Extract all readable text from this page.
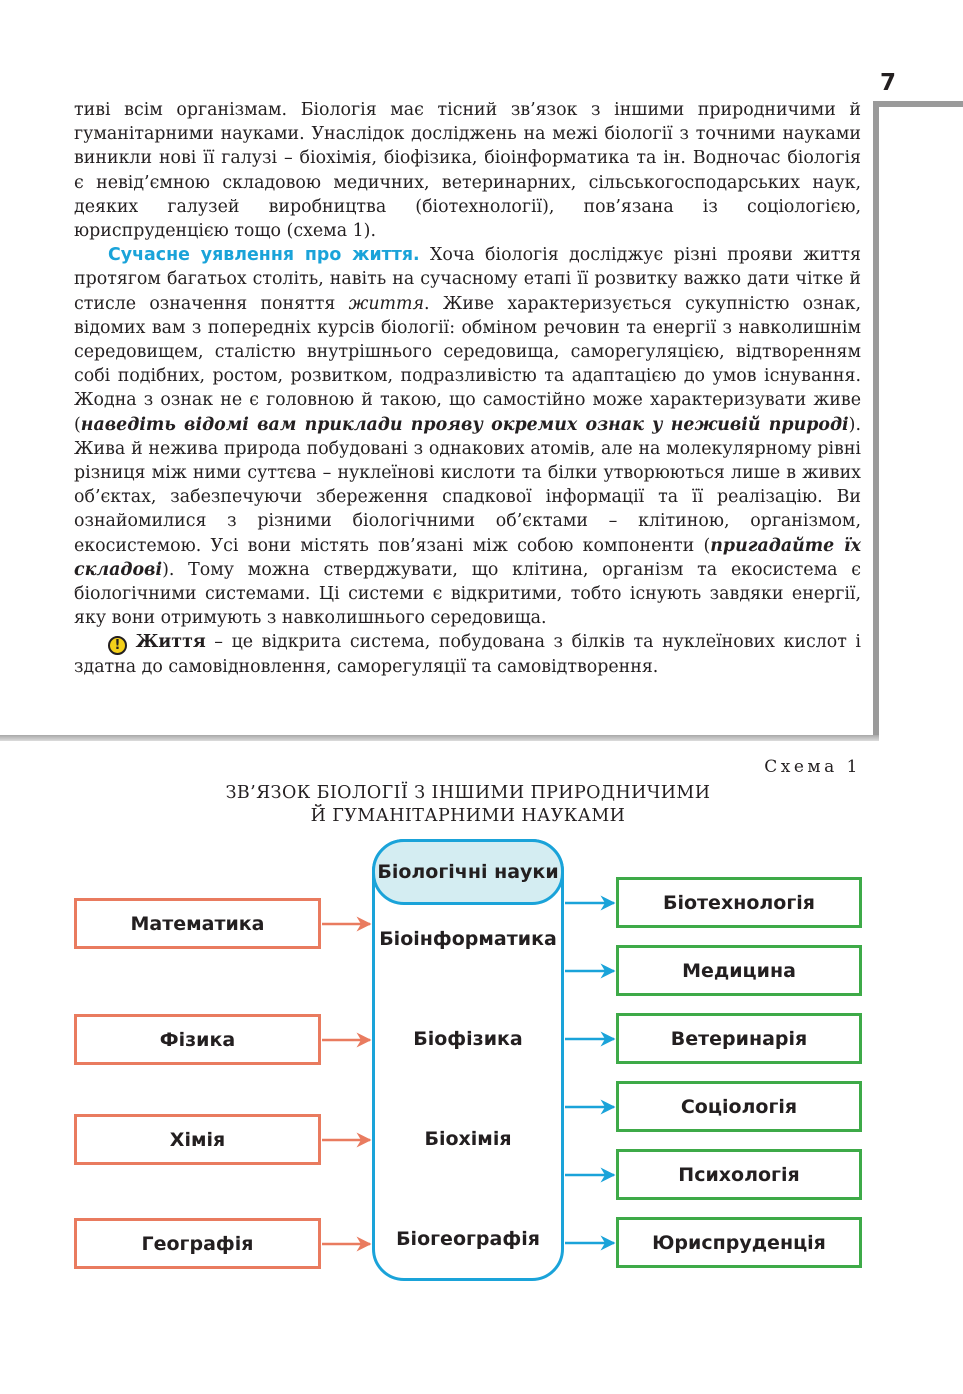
7

тиві всім організмам. Біологія має тісний зв’язок з іншими природничими й гуманітарними науками. Унаслідок досліджень на межі біології з точними науками виникли нові її галузі – біохімія, біофізика, біоінформатика та ін. Водночас біологія є невід’ємною складовою медичних, ветеринарних, сільськогосподарських наук, деяких галузей виробництва (біотехнології), пов’язана із соціологією, юриспруденцією тощо (схема 1).

Сучасне уявлення про життя. Хоча біологія досліджує різні прояви життя протягом багатьох століть, навіть на сучасному етапі її розвитку важко дати чітке й стисле означення поняття життя. Живе характеризується сукупністю ознак, відомих вам з попередніх курсів біології: обміном речовин та енергії з навколишнім середовищем, сталістю внутрішнього середовища, саморегуляцією, відтворенням собі подібних, ростом, розвитком, подразливістю та адаптацією до умов існування. Жодна з ознак не є головною й такою, що самостійно може характеризувати живе (наведіть відомі вам приклади прояву окремих ознак у неживій природі). Жива й нежива природа побудовані з однакових атомів, але на молекулярному рівні різниця між ними суттєва – нуклеїнові кислоти та білки утворюються лише в живих об’єктах, забезпечуючи збереження спадкової інформації та її реалізацію. Ви ознайомилися з різними біологічними об’єктами – клітиною, організмом, екосистемою. Усі вони містять пов’язані між собою компоненти (пригадайте їх складові). Тому можна стверджувати, що клітина, організм та екосистема є біологічними системами. Ці системи є відкритими, тобто існують завдяки енергії, яку вони отримують з навколишнього середовища.

! Життя – це відкрита система, побудована з білків та нуклеїнових кислот і здатна до самовідновлення, саморегуляції та самовідтворення.

Схема 1
ЗВ’ЯЗОК БІОЛОГІЇ З ІНШИМИ ПРИРОДНИЧИМИ
Й ГУМАНІТАРНИМИ НАУКАМИ
Математика
Фізика
Хімія
Географія
Біологічні науки
Біоінформатика
Біофізика
Біохімія
Біогеографія
Біотехнологія
Медицина
Ветеринарія
Соціологія
Психологія
Юриспруденція
